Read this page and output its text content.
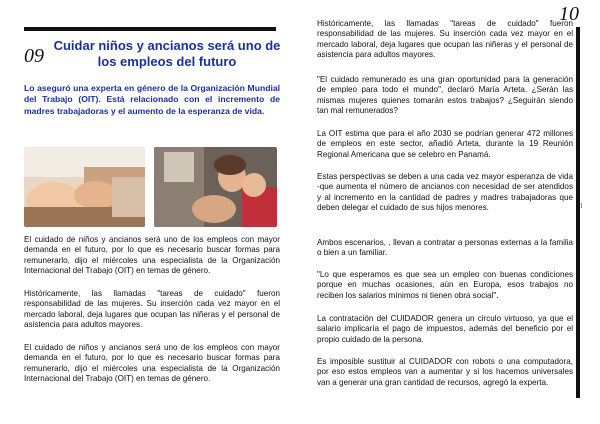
09 Cuidar niños y ancianos será uno de los empleos del futuro
Lo aseguró una experta en género de la Organización Mundial del Trabajo (OIT). Está relacionado con el incremento de madres trabajadoras y el aumento de la esperanza de vida.
El cuidado de niños y ancianos será uno de los empleos con mayor demanda en el futuro, por lo que es necesario buscar formas para remunerarlo, dijo el miércoles una especialista de la Organización Internacional del Trabajo (OIT) en temas de género.
Históricamente, las llamadas "tareas de cuidado" fueron responsabilidad de las mujeres. Su inserción cada vez mayor en el mercado laboral, deja lugares que ocupan las niñeras y el personal de asistencia para adultos mayores.
El cuidado de niños y ancianos será uno de los empleos con mayor demanda en el futuro, por lo que es necesario buscar formas para remunerarlo, dijo el miércoles una especialista de la Organización Internacional del Trabajo (OIT) en temas de género.
10
Históricamente, las llamadas "tareas de cuidado" fueron responsabilidad de las mujeres. Su inserción cada vez mayor en el mercado laboral, deja lugares que ocupan las niñeras y el personal de asistencia para adultos mayores.
"El cuidado remunerado es una gran oportunidad para la generación de empleo para todo el mundo", declaró María Arteta. ¿Serán las mismas mujeres quienes tomarán estos trabajos? ¿Seguirán siendo tan mal remunerados?
La OIT estima que para el año 2030 se podrían generar 472 millones de empleos en este sector, añadió Arteta, durante la 19 Reunión Regional Americana que se celebro en Panamá.
Estas perspectivas se deben a una cada vez mayor esperanza de vida -que aumenta el número de ancianos con necesidad de ser atendidos y al incremento en la cantidad de padres y madres trabajadoras que deben delegar el cuidado de sus hijos menores.
Ambos escenarios, , llevan a contratar a personas externas a la familia o bien a un familiar.
"Lo que esperamos es que sea un empleo con buenas condiciones porque en muchas ocasiones, aún en Europa, esos trabajos no reciben los salarios mínimos ni tienen obra social".
La contratación del CUIDADOR genera un circulo virtuoso, ya que el salario implicaría el pago de impuestos, además del beneficio por el propio cuidado de la persona.
Es imposible sustituir al CUIDADOR con robots o una computadora, por eso estos empleos van a aumentar y si los hacemos universales van a generar una gran cantidad de recursos, agregó la experta.
